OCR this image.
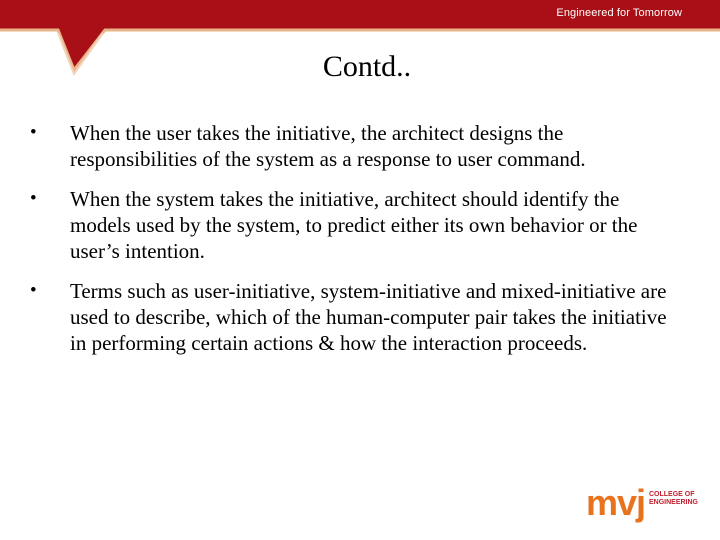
Engineered for Tomorrow
Contd..
•	When the user takes the initiative, the architect designs the responsibilities of the system as a response to user command.
•	When the system takes the initiative, architect should identify the models used by the system, to predict either its own behavior or the user’s intention.
•	Terms such as user-initiative, system-initiative and mixed-initiative are used to describe, which of the human-computer pair takes the initiative in performing certain actions & how the interaction proceeds.
mvj COLLEGE OF
ENGINEERING
